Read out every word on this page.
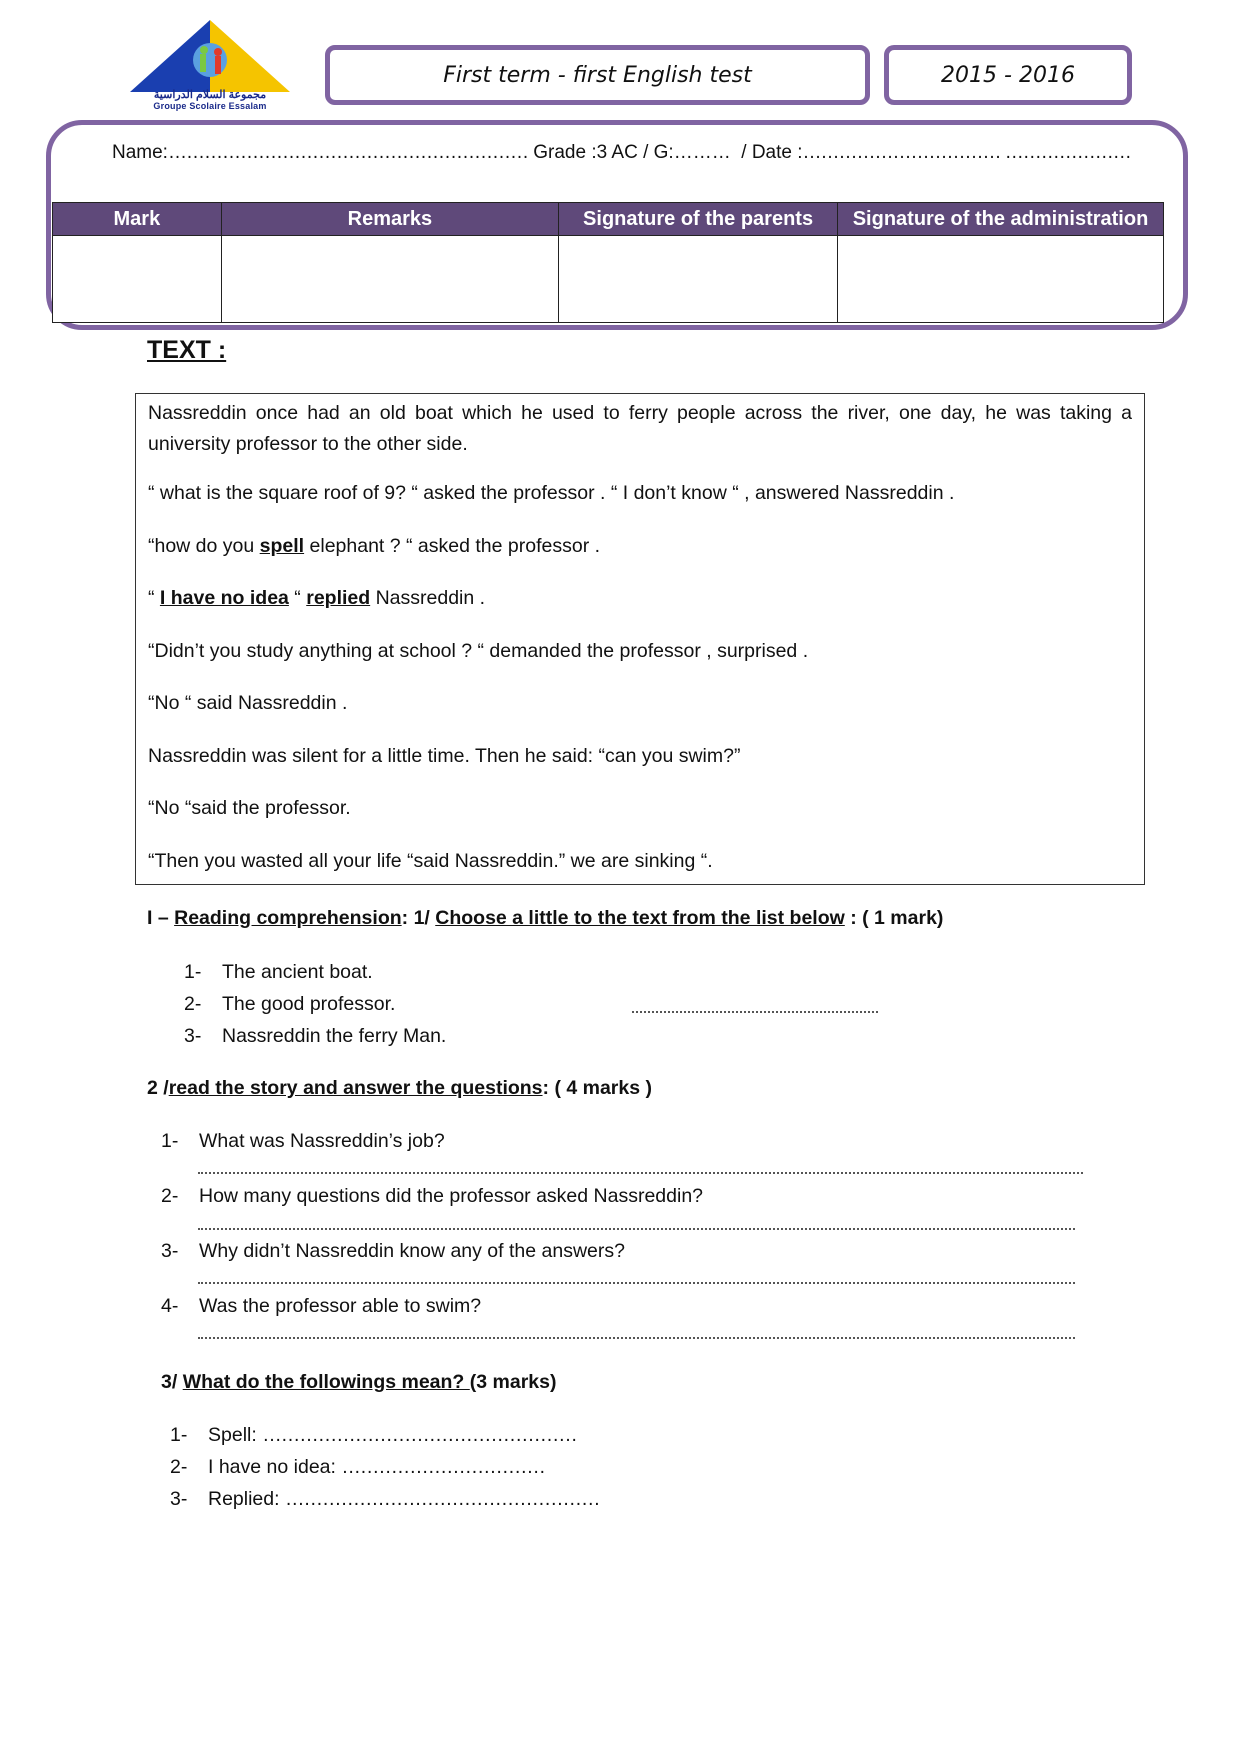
مجموعة السلام الدراسية
Groupe Scolaire Essalam
First term - first English test	2015 - 2016
Name:…………………………………………………… Grade :3 AC / G:……… / Date :…………………………… …………………
Mark	Remarks	Signature of the parents	Signature of the administration

TEXT :

Nassreddin once had an old boat which he used to ferry people across the river, one day, he was taking a university professor to the other side.

“ what is the square roof of 9? “ asked the professor . “ I don’t know “ , answered Nassreddin .

“how do you spell elephant ? “ asked the professor .

“ I have no idea “ replied Nassreddin .

“Didn’t you study anything at school ? “ demanded the professor , surprised .

“No “ said Nassreddin .

Nassreddin was silent for a little time. Then he said: “can you swim?”

“No “said the professor.

“Then you wasted all your life “said Nassreddin.” we are sinking “.

I – Reading comprehension: 1/ Choose a little to the text from the list below : ( 1 mark)
1- The ancient boat.
2- The good professor.
3- Nassreddin the ferry Man.
2 /read the story and answer the questions: ( 4 marks )
1- What was Nassreddin’s job?
2- How many questions did the professor asked Nassreddin?
3- Why didn’t Nassreddin know any of the answers?
4- Was the professor able to swim?
3/ What do the followings mean? (3 marks)
1- Spell: ……………………………………………
2- I have no idea: ……………………………
3- Replied: ……………………………………………
